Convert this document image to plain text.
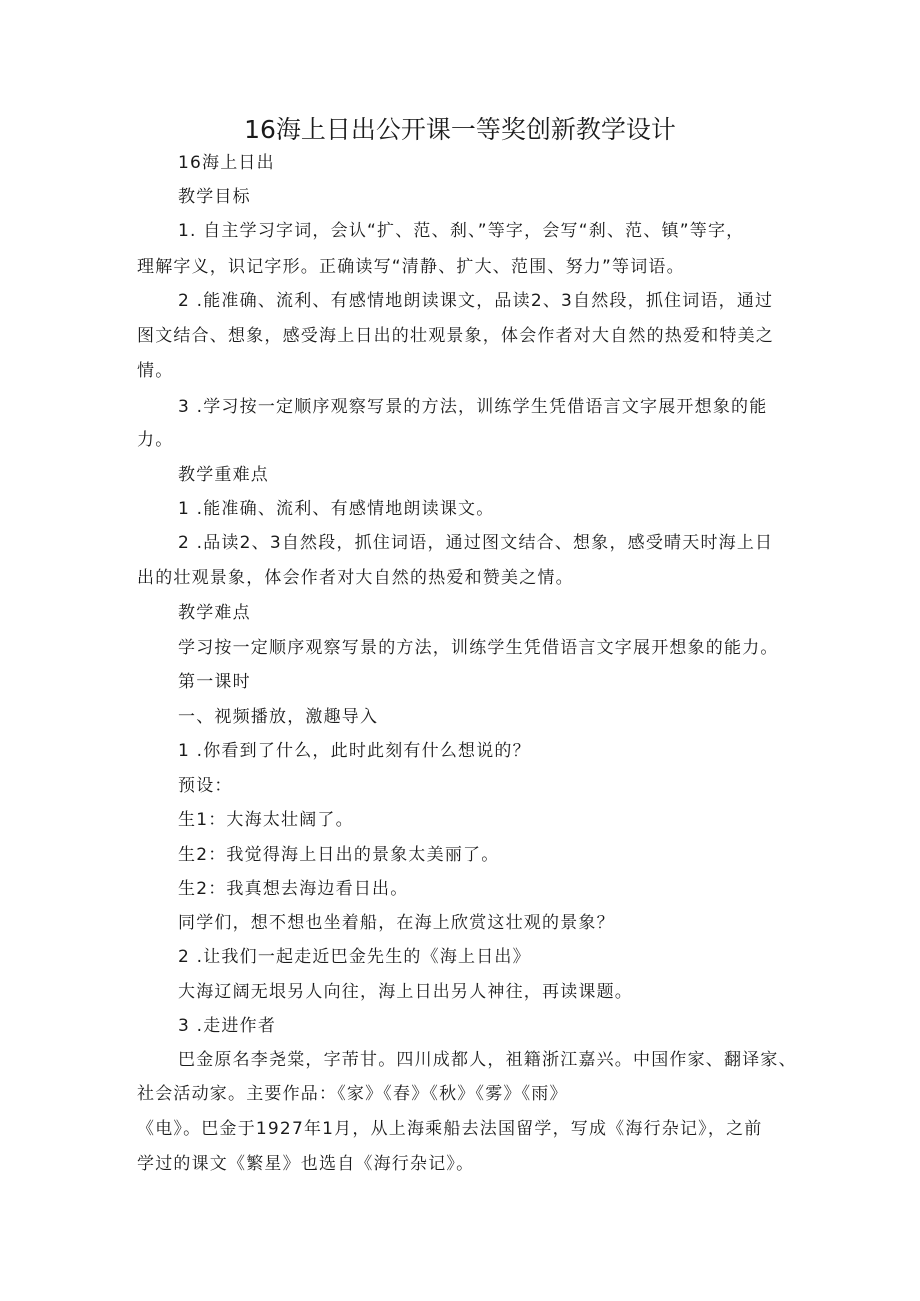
16海上日出公开课一等奖创新教学设计
16海上日出
教学目标
1. 自主学习字词，会认“扩、范、刹、”等字，会写“刹、范、镇”等字，
理解字义，识记字形。正确读写“清静、扩大、范围、努力”等词语。
2 .能准确、流利、有感情地朗读课文，品读2、3自然段，抓住词语，通过
图文结合、想象，感受海上日出的壮观景象，体会作者对大自然的热爱和特美之
情。
3 .学习按一定顺序观察写景的方法，训练学生凭借语言文字展开想象的能
力。
教学重难点
1 .能准确、流利、有感情地朗读课文。
2 .品读2、3自然段，抓住词语，通过图文结合、想象，感受晴天时海上日
出的壮观景象，体会作者对大自然的热爱和赞美之情。
教学难点
学习按一定顺序观察写景的方法，训练学生凭借语言文字展开想象的能力。
第一课时
一、视频播放，激趣导入
1 .你看到了什么，此时此刻有什么想说的？
预设：
生1：大海太壮阔了。
生2：我觉得海上日出的景象太美丽了。
生2：我真想去海边看日出。
同学们，想不想也坐着船，在海上欣赏这壮观的景象？
2 .让我们一起走近巴金先生的《海上日出》
大海辽阔无垠另人向往，海上日出另人神往，再读课题。
3 .走进作者
巴金原名李尧棠，字芾甘。四川成都人，祖籍浙江嘉兴。中国作家、翻译家、
社会活动家。主要作品：《家》《春》《秋》《雾》《雨》
《电》。巴金于1927年1月，从上海乘船去法国留学，写成《海行杂记》，之前
学过的课文《繁星》也选自《海行杂记》。
